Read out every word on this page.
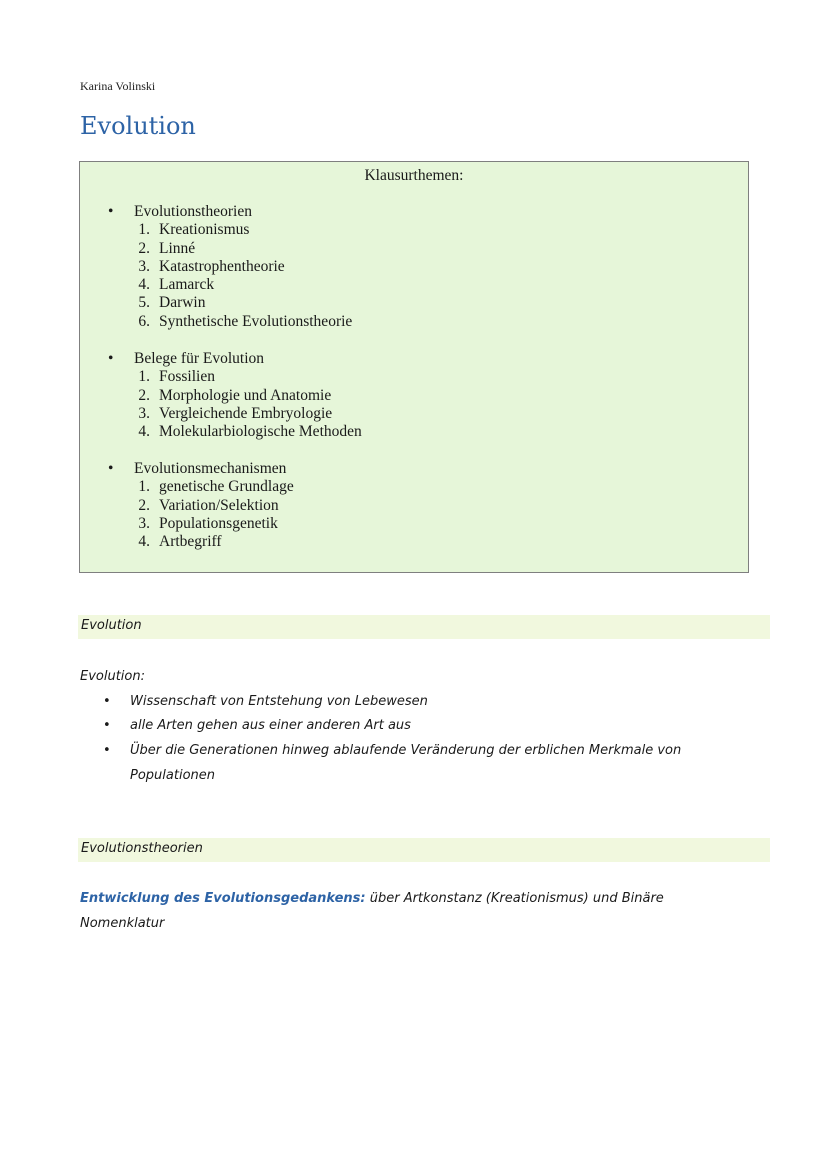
Karina Volinski
Evolution
Klausurthemen:
• Evolutionstheorien
1. Kreationismus
2. Linné
3. Katastrophentheorie
4. Lamarck
5. Darwin
6. Synthetische Evolutionstheorie
• Belege für Evolution
1. Fossilien
2. Morphologie und Anatomie
3. Vergleichende Embryologie
4. Molekularbiologische Methoden
• Evolutionsmechanismen
1. genetische Grundlage
2. Variation/Selektion
3. Populationsgenetik
4. Artbegriff
Evolution
Evolution:
• Wissenschaft von Entstehung von Lebewesen
• alle Arten gehen aus einer anderen Art aus
• Über die Generationen hinweg ablaufende Veränderung der erblichen Merkmale von
Populationen
Evolutionstheorien
Entwicklung des Evolutionsgedankens: über Artkonstanz (Kreationismus) und Binäre
Nomenklatur
